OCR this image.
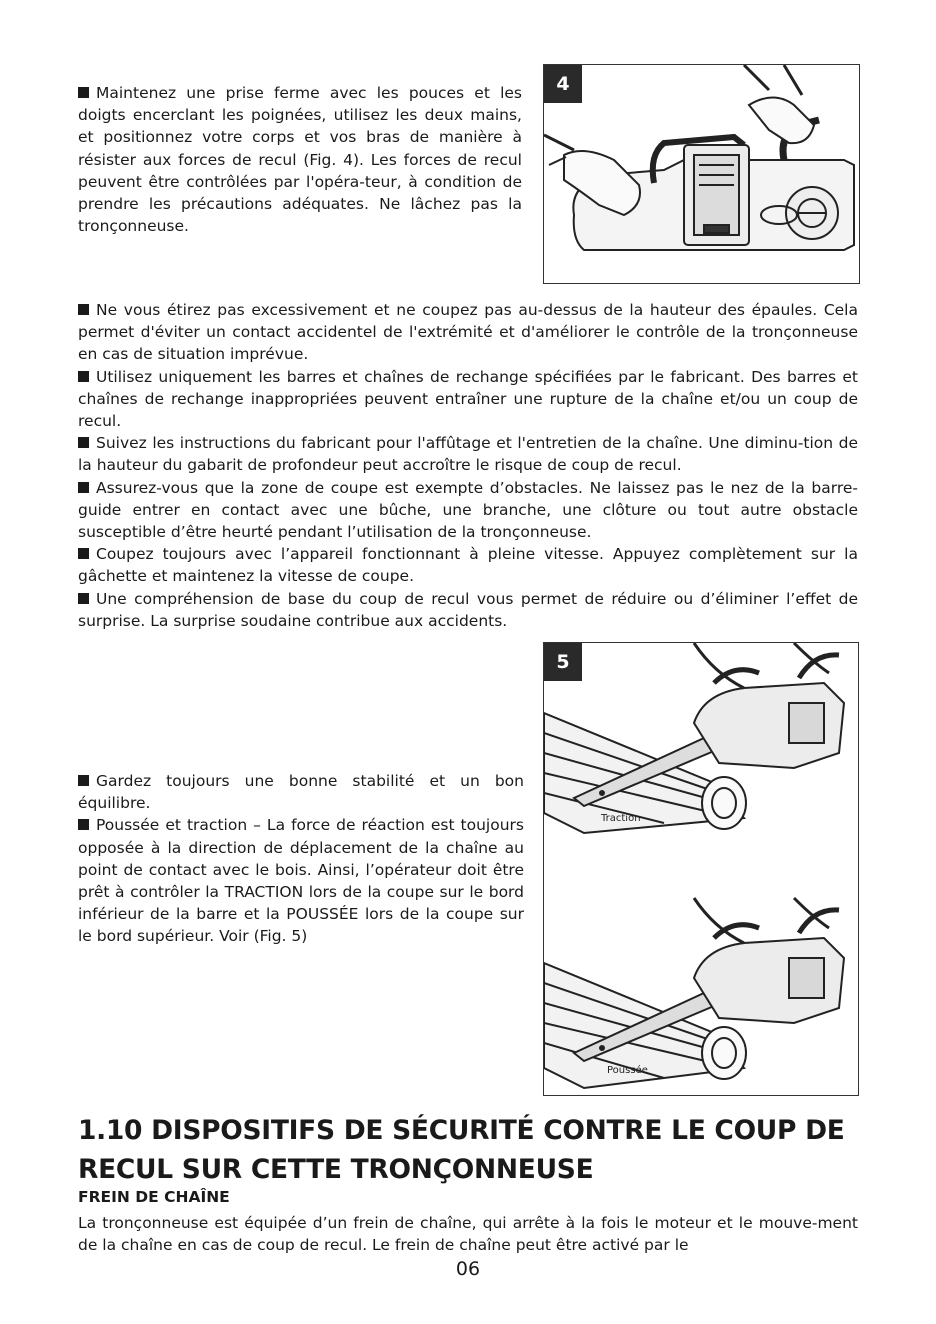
Maintenez une prise ferme avec les pouces et les doigts encerclant les poignées, utilisez les deux mains, et positionnez votre corps et vos bras de manière à résister aux forces de recul (Fig. 4). Les forces de recul peuvent être contrôlées par l'opéra-teur, à condition de prendre les précautions adéquates. Ne lâchez pas la tronçonneuse.

4
Ne vous étirez pas excessivement et ne coupez pas au-dessus de la hauteur des épaules. Cela permet d'éviter un contact accidentel de l'extrémité et d'améliorer le contrôle de la tronçonneuse en cas de situation imprévue.
Utilisez uniquement les barres et chaînes de rechange spécifiées par le fabricant. Des barres et chaînes de rechange inappropriées peuvent entraîner une rupture de la chaîne et/ou un coup de recul.
Suivez les instructions du fabricant pour l'affûtage et l'entretien de la chaîne. Une diminu-tion de la hauteur du gabarit de profondeur peut accroître le risque de coup de recul.
Assurez-vous que la zone de coupe est exempte d’obstacles. Ne laissez pas le nez de la barre-guide entrer en contact avec une bûche, une branche, une clôture ou tout autre obstacle susceptible d’être heurté pendant l’utilisation de la tronçonneuse.
Coupez toujours avec l’appareil fonctionnant à pleine vitesse. Appuyez complètement sur la gâchette et maintenez la vitesse de coupe.
Une compréhension de base du coup de recul vous permet de réduire ou d’éliminer l’effet de surprise. La surprise soudaine contribue aux accidents.
Gardez toujours une bonne stabilité et un bon équilibre.
Poussée et traction – La force de réaction est toujours opposée à la direction de déplacement de la chaîne au point de contact avec le bois. Ainsi, l’opérateur doit être prêt à contrôler la TRACTION lors de la coupe sur le bord inférieur de la barre et la POUSSÉE lors de la coupe sur le bord supérieur. Voir (Fig. 5)
5
Traction
Poussée
1.10 DISPOSITIFS DE SÉCURITÉ CONTRE LE COUP DE RECUL SUR CETTE TRONÇONNEUSE
FREIN DE CHAÎNE

La tronçonneuse est équipée d’un frein de chaîne, qui arrête à la fois le moteur et le mouve-ment de la chaîne en cas de coup de recul. Le frein de chaîne peut être activé par le

06
